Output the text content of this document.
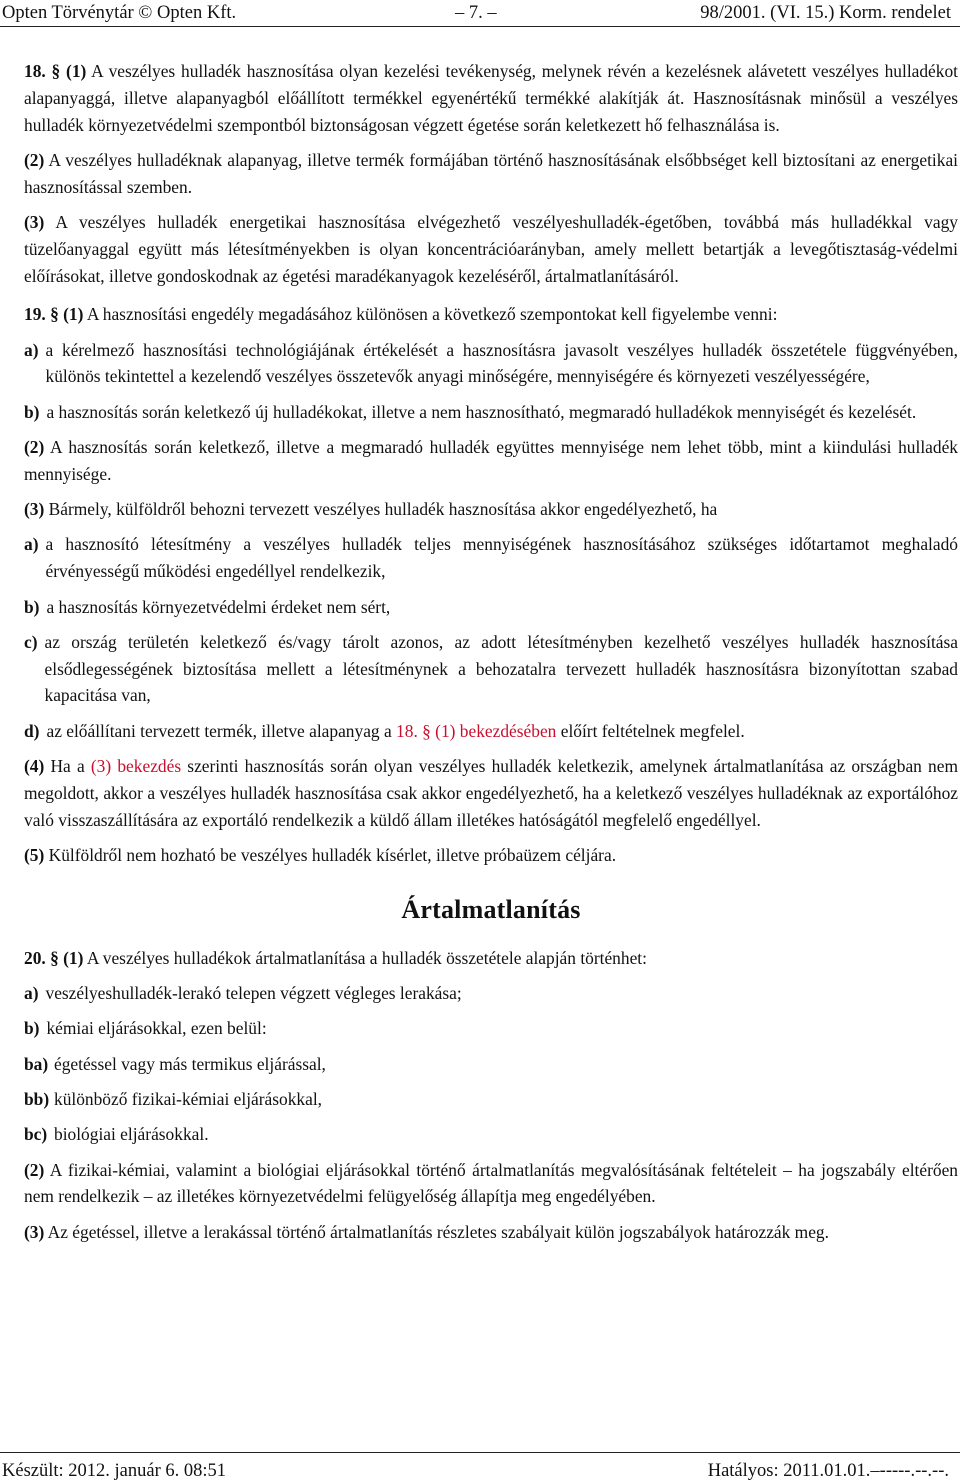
Opten Törvénytár © Opten Kft.	– 7. –	98/2001. (VI. 15.) Korm. rendelet

18. § (1) A veszélyes hulladék hasznosítása olyan kezelési tevékenység, melynek révén a kezelésnek alávetett veszélyes hulladékot alapanyaggá, illetve alapanyagból előállított termékkel egyenértékű termékké alakítják át. Hasznosításnak minősül a veszélyes hulladék környezetvédelmi szempontból biztonságosan végzett égetése során keletkezett hő felhasználása is.

(2) A veszélyes hulladéknak alapanyag, illetve termék formájában történő hasznosításának elsőbbséget kell biztosítani az energetikai hasznosítással szemben.

(3) A veszélyes hulladék energetikai hasznosítása elvégezhető veszélyeshulladék-égetőben, továbbá más hulladékkal vagy tüzelőanyaggal együtt más létesítményekben is olyan koncentrációarányban, amely mellett betartják a levegőtisztaság-védelmi előírásokat, illetve gondoskodnak az égetési maradékanyagok kezeléséről, ártalmatlanításáról.

19. § (1) A hasznosítási engedély megadásához különösen a következő szempontokat kell figyelembe venni:

a) a kérelmező hasznosítási technológiájának értékelését a hasznosításra javasolt veszélyes hulladék összetétele függvényében, különös tekintettel a kezelendő veszélyes összetevők anyagi minőségére, mennyiségére és környezeti veszélyességére,
b) a hasznosítás során keletkező új hulladékokat, illetve a nem hasznosítható, megmaradó hulladékok mennyiségét és kezelését.

(2) A hasznosítás során keletkező, illetve a megmaradó hulladék együttes mennyisége nem lehet több, mint a kiindulási hulladék mennyisége.

(3) Bármely, külföldről behozni tervezett veszélyes hulladék hasznosítása akkor engedélyezhető, ha

a) a hasznosító létesítmény a veszélyes hulladék teljes mennyiségének hasznosításához szükséges időtartamot meghaladó érvényességű működési engedéllyel rendelkezik,
b) a hasznosítás környezetvédelmi érdeket nem sért,
c) az ország területén keletkező és/vagy tárolt azonos, az adott létesítményben kezelhető veszélyes hulladék hasznosítása elsődlegességének biztosítása mellett a létesítménynek a behozatalra tervezett hulladék hasznosításra bizonyítottan szabad kapacitása van,
d) az előállítani tervezett termék, illetve alapanyag a 18. § (1) bekezdésében előírt feltételnek megfelel.

(4) Ha a (3) bekezdés szerinti hasznosítás során olyan veszélyes hulladék keletkezik, amelynek ártalmatlanítása az országban nem megoldott, akkor a veszélyes hulladék hasznosítása csak akkor engedélyezhető, ha a keletkező veszélyes hulladéknak az exportálóhoz való visszaszállítására az exportáló rendelkezik a küldő állam illetékes hatóságától megfelelő engedéllyel.

(5) Külföldről nem hozható be veszélyes hulladék kísérlet, illetve próbaüzem céljára.

Ártalmatlanítás

20. § (1) A veszélyes hulladékok ártalmatlanítása a hulladék összetétele alapján történhet:

a) veszélyeshulladék-lerakó telepen végzett végleges lerakása;
b) kémiai eljárásokkal, ezen belül:
ba) égetéssel vagy más termikus eljárással,
bb) különböző fizikai-kémiai eljárásokkal,
bc) biológiai eljárásokkal.

(2) A fizikai-kémiai, valamint a biológiai eljárásokkal történő ártalmatlanítás megvalósításának feltételeit – ha jogszabály eltérően nem rendelkezik – az illetékes környezetvédelmi felügyelőség állapítja meg engedélyében.

(3) Az égetéssel, illetve a lerakással történő ártalmatlanítás részletes szabályait külön jogszabályok határozzák meg.

Készült: 2012. január 6. 08:51	Hatályos: 2011.01.01.–-----.--.--.
